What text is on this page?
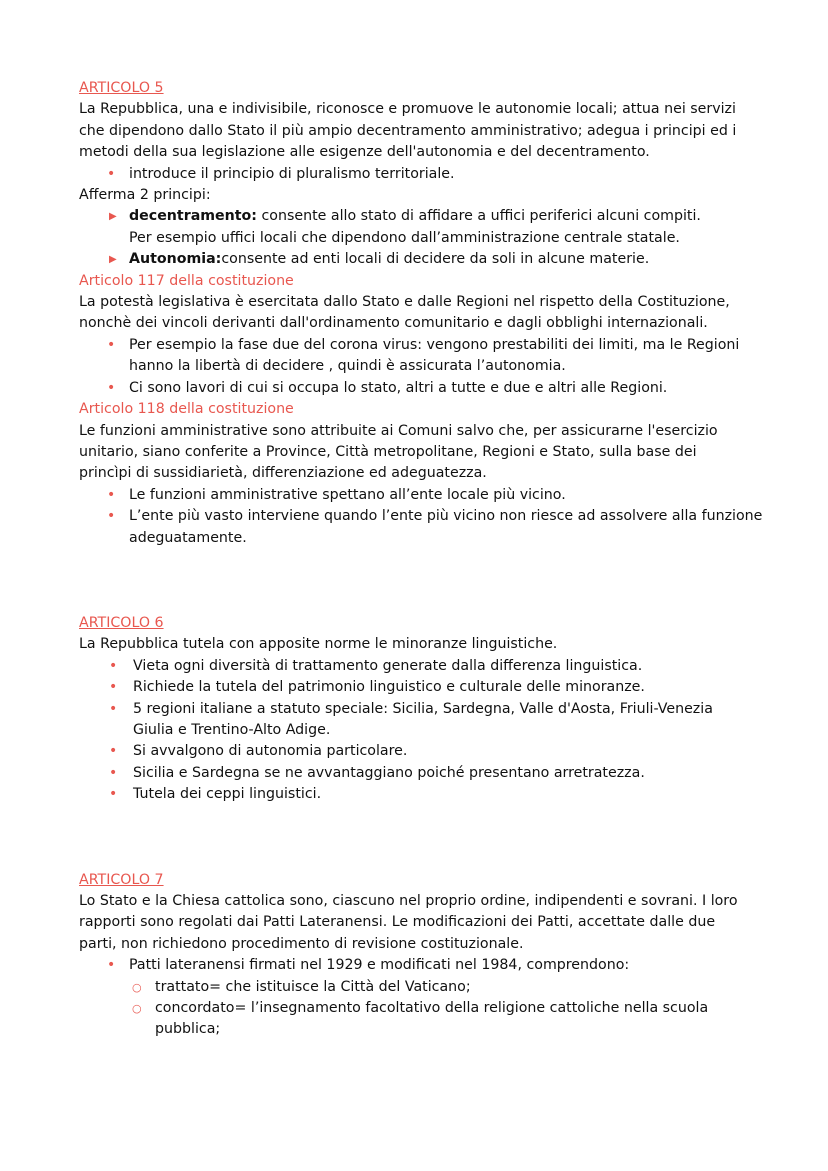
ARTICOLO 5
La Repubblica, una e indivisibile, riconosce e promuove le autonomie locali; attua nei servizi
che dipendono dallo Stato il più ampio decentramento amministrativo; adegua i principi ed i
metodi della sua legislazione alle esigenze dell'autonomia e del decentramento.
• introduce il principio di pluralismo territoriale.
Afferma 2 principi:
▶ decentramento: consente allo stato di affidare a uffici periferici alcuni compiti.
Per esempio uffici locali che dipendono dall’amministrazione centrale statale.
▶ Autonomia:consente ad enti locali di decidere da soli in alcune materie.
Articolo 117 della costituzione
La potestà legislativa è esercitata dallo Stato e dalle Regioni nel rispetto della Costituzione,
nonchè dei vincoli derivanti dall'ordinamento comunitario e dagli obblighi internazionali.
• Per esempio la fase due del corona virus: vengono prestabiliti dei limiti, ma le Regioni
hanno la libertà di decidere , quindi è assicurata l’autonomia.
• Ci sono lavori di cui si occupa lo stato, altri a tutte e due e altri alle Regioni.
Articolo 118 della costituzione
Le funzioni amministrative sono attribuite ai Comuni salvo che, per assicurarne l'esercizio
unitario, siano conferite a Province, Città metropolitane, Regioni e Stato, sulla base dei
princìpi di sussidiarietà, differenziazione ed adeguatezza.
• Le funzioni amministrative spettano all’ente locale più vicino.
• L’ente più vasto interviene quando l’ente più vicino non riesce ad assolvere alla funzione
adeguatamente.
ARTICOLO 6
La Repubblica tutela con apposite norme le minoranze linguistiche.
• Vieta ogni diversità di trattamento generate dalla differenza linguistica.
• Richiede la tutela del patrimonio linguistico e culturale delle minoranze.
• 5 regioni italiane a statuto speciale: Sicilia, Sardegna, Valle d'Aosta, Friuli-Venezia
Giulia e Trentino-Alto Adige.
• Si avvalgono di autonomia particolare.
• Sicilia e Sardegna se ne avvantaggiano poiché presentano arretratezza.
• Tutela dei ceppi linguistici.
ARTICOLO 7
Lo Stato e la Chiesa cattolica sono, ciascuno nel proprio ordine, indipendenti e sovrani. I loro
rapporti sono regolati dai Patti Lateranensi. Le modificazioni dei Patti, accettate dalle due
parti, non richiedono procedimento di revisione costituzionale.
• Patti lateranensi firmati nel 1929 e modificati nel 1984, comprendono:
○ trattato= che istituisce la Città del Vaticano;
○ concordato= l’insegnamento facoltativo della religione cattoliche nella scuola
pubblica;
